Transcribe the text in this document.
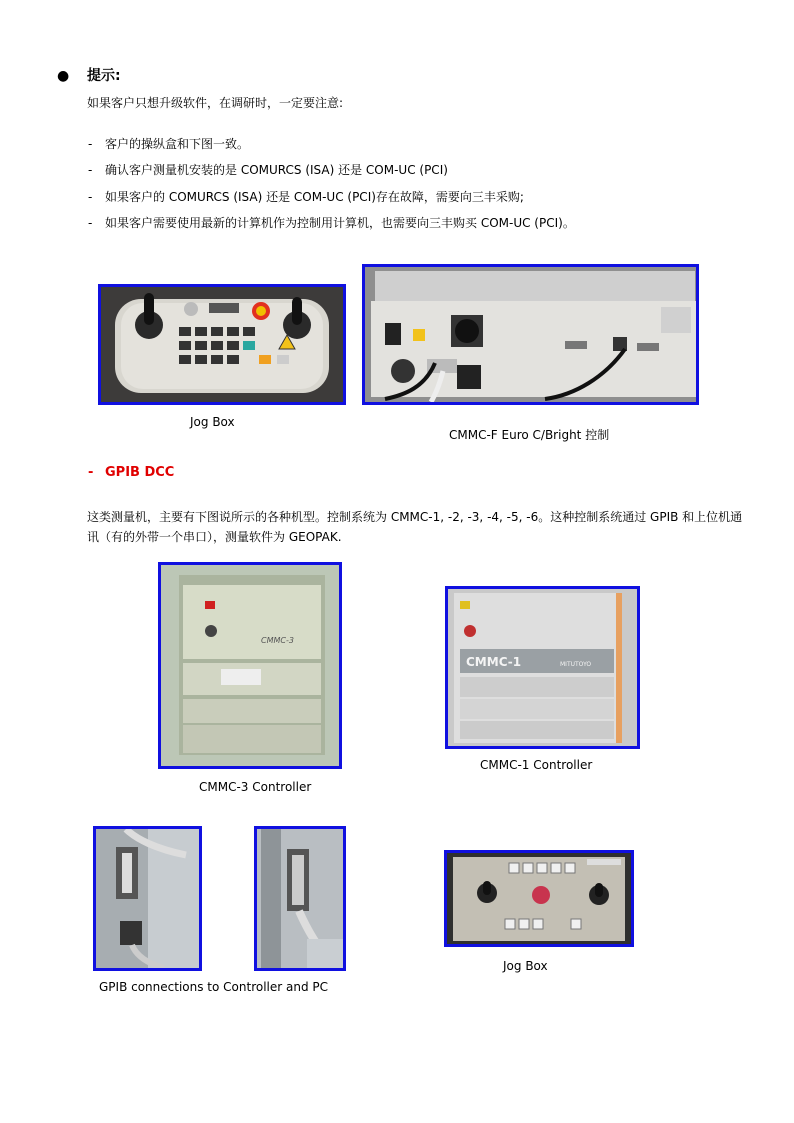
● 提示:
如果客户只想升级软件，在调研时，一定要注意:
- 客户的操纵盒和下图一致。
- 确认客户测量机安装的是 COMURCS (ISA) 还是 COM-UC (PCI)
- 如果客户的 COMURCS (ISA) 还是 COM-UC (PCI)存在故障，需要向三丰采购;
- 如果客户需要使用最新的计算机作为控制用计算机，也需要向三丰购买 COM-UC (PCI)。
Jog Box
CMMC-F Euro C/Bright 控制
- GPIB DCC
这类测量机，主要有下图说所示的各种机型。控制系统为 CMMC-1, -2, -3, -4, -5, -6。这种控制系统通过 GPIB 和上位机通讯（有的外带一个串口），测量软件为 GEOPAK.
CMMC-3
CMMC-3 Controller
CMMC-1	MITUTOYO
CMMC-1 Controller
GPIB connections to Controller and PC
Jog Box
